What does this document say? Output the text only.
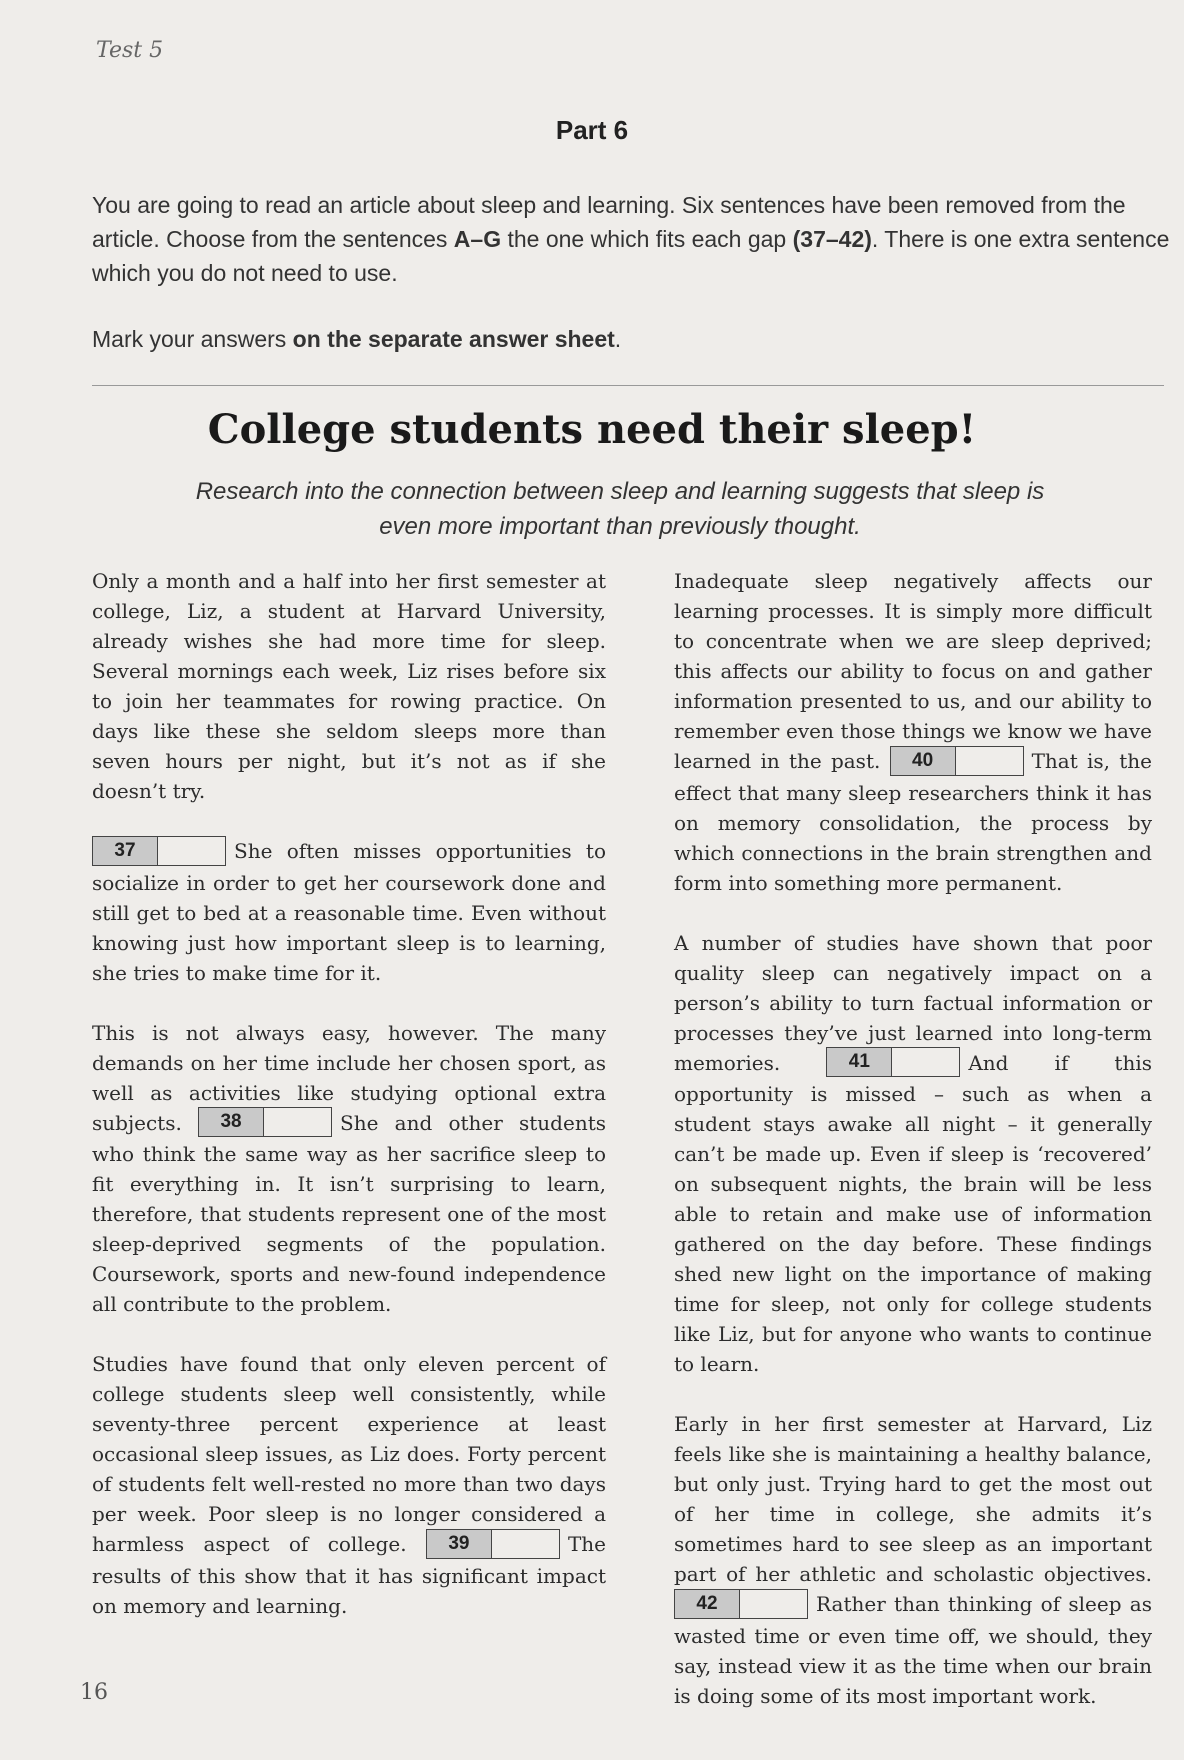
Test 5
Part 6

You are going to read an article about sleep and learning. Six sentences have been removed from the article. Choose from the sentences A–G the one which fits each gap (37–42). There is one extra sentence which you do not need to use.

Mark your answers on the separate answer sheet.

College students need their sleep!
Research into the connection between sleep and learning suggests that sleep is even more important than previously thought.

Only a month and a half into her first semester at college, Liz, a student at Harvard University, already wishes she had more time for sleep. Several mornings each week, Liz rises before six to join her teammates for rowing practice. On days like these she seldom sleeps more than seven hours per night, but it’s not as if she doesn’t try.

37	She often misses opportunities to socialize in order to get her coursework done and still get to bed at a reasonable time. Even without knowing just how important sleep is to learning, she tries to make time for it.

This is not always easy, however. The many demands on her time include her chosen sport, as well as activities like studying optional extra subjects. 38	She and other students who think the same way as her sacrifice sleep to fit everything in. It isn’t surprising to learn, therefore, that students represent one of the most sleep-deprived segments of the population. Coursework, sports and new-found independence all contribute to the problem.

Studies have found that only eleven percent of college students sleep well consistently, while seventy-three percent experience at least occasional sleep issues, as Liz does. Forty percent of students felt well-rested no more than two days per week. Poor sleep is no longer considered a harmless aspect of college. 39	The results of this show that it has significant impact on memory and learning.

Inadequate sleep negatively affects our learning processes. It is simply more difficult to concentrate when we are sleep deprived; this affects our ability to focus on and gather information presented to us, and our ability to remember even those things we know we have learned in the past. 40	That is, the effect that many sleep researchers think it has on memory consolidation, the process by which connections in the brain strengthen and form into something more permanent.

A number of studies have shown that poor quality sleep can negatively impact on a person’s ability to turn factual information or processes they’ve just learned into long-term memories.	41	And if this opportunity is missed – such as when a student stays awake all night – it generally can’t be made up. Even if sleep is ‘recovered’ on subsequent nights, the brain will be less able to retain and make use of information gathered on the day before. These findings shed new light on the importance of making time for sleep, not only for college students like Liz, but for anyone who wants to continue to learn.

Early in her first semester at Harvard, Liz feels like she is maintaining a healthy balance, but only just. Trying hard to get the most out of her time in college, she admits it’s sometimes hard to see sleep as an important part of her athletic and scholastic objectives. 42	Rather than thinking of sleep as wasted time or even time off, we should, they say, instead view it as the time when our brain is doing some of its most important work.

16
